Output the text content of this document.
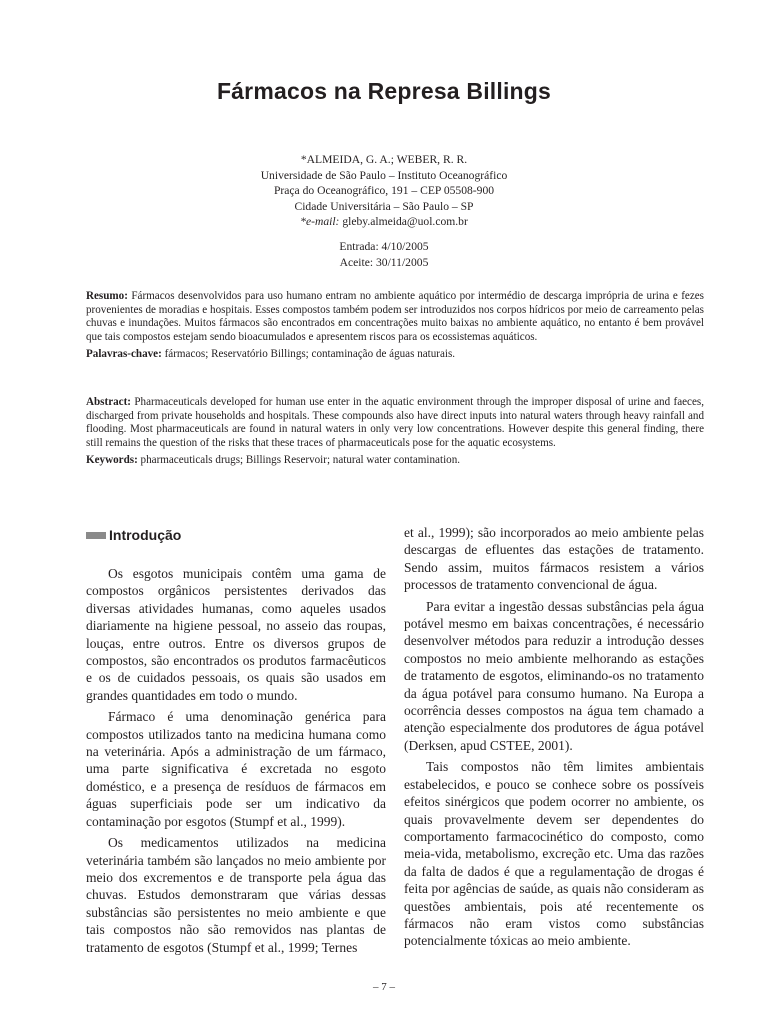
Fármacos na Represa Billings
*ALMEIDA, G. A.; WEBER, R. R.
Universidade de São Paulo – Instituto Oceanográfico
Praça do Oceanográfico, 191 – CEP 05508-900
Cidade Universitária – São Paulo – SP
*e-mail: gleby.almeida@uol.com.br
Entrada: 4/10/2005
Aceite: 30/11/2005

Resumo: Fármacos desenvolvidos para uso humano entram no ambiente aquático por intermédio de descarga imprópria de urina e fezes provenientes de moradias e hospitais. Esses compostos também podem ser introduzidos nos corpos hídricos por meio de carreamento pelas chuvas e inundações. Muitos fármacos são encontrados em concentrações muito baixas no ambiente aquático, no entanto é bem provável que tais compostos estejam sendo bioacumulados e apresentem riscos para os ecossistemas aquáticos.

Palavras-chave: fármacos; Reservatório Billings; contaminação de águas naturais.

Abstract: Pharmaceuticals developed for human use enter in the aquatic environment through the improper disposal of urine and faeces, discharged from private households and hospitals. These compounds also have direct inputs into natural waters through heavy rainfall and flooding. Most pharmaceuticals are found in natural waters in only very low concentrations. However despite this general finding, there still remains the question of the risks that these traces of pharmaceuticals pose for the aquatic ecosystems.

Keywords: pharmaceuticals drugs; Billings Reservoir; natural water contamination.

Introdução

Os esgotos municipais contêm uma gama de compostos orgânicos persistentes derivados das diversas atividades humanas, como aqueles usados diariamente na higiene pessoal, no asseio das roupas, louças, entre outros. Entre os diversos grupos de compostos, são encontrados os produtos farmacêuticos e os de cuidados pessoais, os quais são usados em grandes quantidades em todo o mundo.

Fármaco é uma denominação genérica para compostos utilizados tanto na medicina humana como na veterinária. Após a administração de um fármaco, uma parte significativa é excretada no esgoto doméstico, e a presença de resíduos de fármacos em águas superficiais pode ser um indicativo da contaminação por esgotos (Stumpf et al., 1999).

Os medicamentos utilizados na medicina veterinária também são lançados no meio ambiente por meio dos excrementos e de transporte pela água das chuvas. Estudos demonstraram que várias dessas substâncias são persistentes no meio ambiente e que tais compostos não são removidos nas plantas de tratamento de esgotos (Stumpf et al., 1999; Ternes

et al., 1999); são incorporados ao meio ambiente pelas descargas de efluentes das estações de tratamento. Sendo assim, muitos fármacos resistem a vários processos de tratamento convencional de água.

Para evitar a ingestão dessas substâncias pela água potável mesmo em baixas concentrações, é necessário desenvolver métodos para reduzir a introdução desses compostos no meio ambiente melhorando as estações de tratamento de esgotos, eliminando-os no tratamento da água potável para consumo humano. Na Europa a ocorrência desses compostos na água tem chamado a atenção especialmente dos produtores de água potável (Derksen, apud CSTEE, 2001).

Tais compostos não têm limites ambientais estabelecidos, e pouco se conhece sobre os possíveis efeitos sinérgicos que podem ocorrer no ambiente, os quais provavelmente devem ser dependentes do comportamento farmacocinético do composto, como meia-vida, metabolismo, excreção etc. Uma das razões da falta de dados é que a regulamentação de drogas é feita por agências de saúde, as quais não consideram as questões ambientais, pois até recentemente os fármacos não eram vistos como substâncias potencialmente tóxicas ao meio ambiente.

– 7 –
